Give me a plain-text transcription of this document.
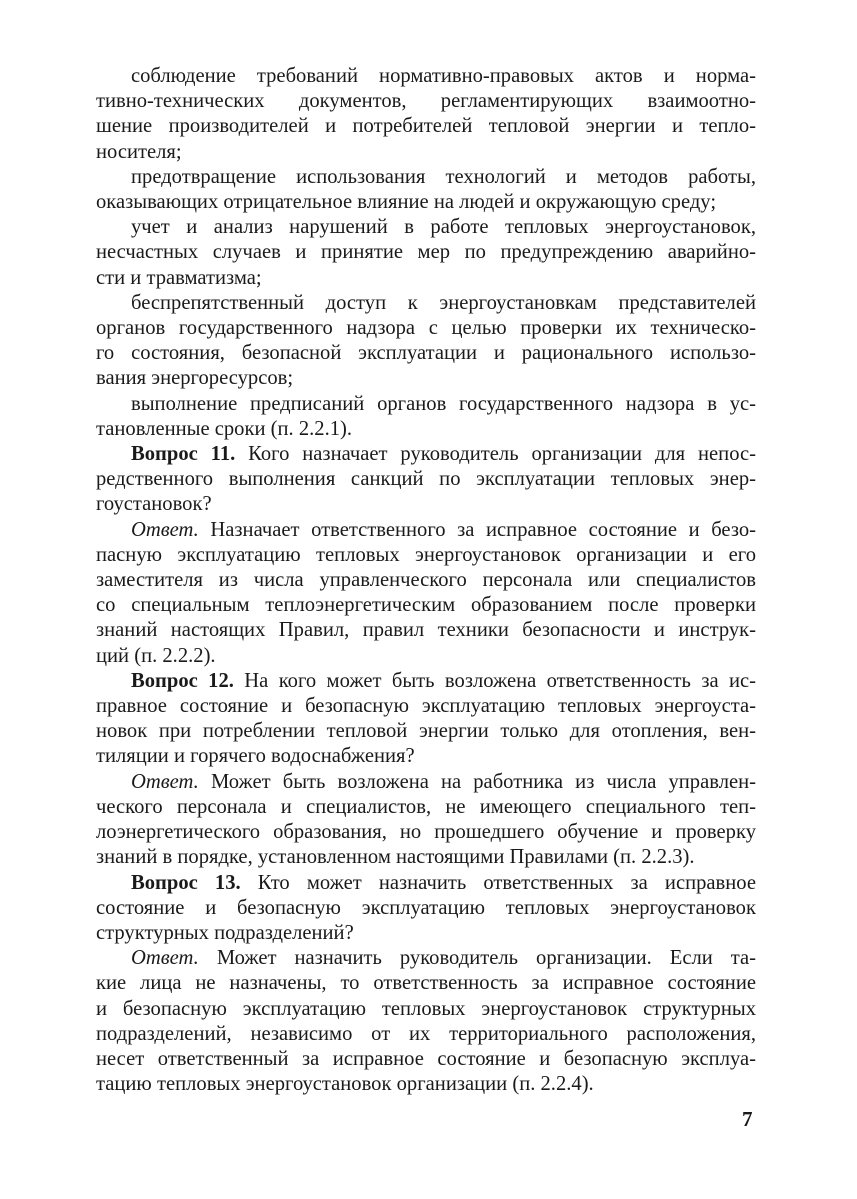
соблюдение требований нормативно-правовых актов и норма-
тивно-технических документов, регламентирующих взаимоотно-
шение производителей и потребителей тепловой энергии и тепло-
носителя;
предотвращение использования технологий и методов работы,
оказывающих отрицательное влияние на людей и окружающую среду;
учет и анализ нарушений в работе тепловых энергоустановок,
несчастных случаев и принятие мер по предупреждению аварийно-
сти и травматизма;
беспрепятственный доступ к энергоустановкам представителей
органов государственного надзора с целью проверки их техническо-
го состояния, безопасной эксплуатации и рационального использо-
вания энергоресурсов;
выполнение предписаний органов государственного надзора в ус-
тановленные сроки (п. 2.2.1).
Вопрос 11. Кого назначает руководитель организации для непос-
редственного выполнения санкций по эксплуатации тепловых энер-
гоустановок?
Ответ. Назначает ответственного за исправное состояние и безо-
пасную эксплуатацию тепловых энергоустановок организации и его
заместителя из числа управленческого персонала или специалистов
со специальным теплоэнергетическим образованием после проверки
знаний настоящих Правил, правил техники безопасности и инструк-
ций (п. 2.2.2).
Вопрос 12. На кого может быть возложена ответственность за ис-
правное состояние и безопасную эксплуатацию тепловых энергоуста-
новок при потреблении тепловой энергии только для отопления, вен-
тиляции и горячего водоснабжения?
Ответ. Может быть возложена на работника из числа управлен-
ческого персонала и специалистов, не имеющего специального теп-
лоэнергетического образования, но прошедшего обучение и проверку
знаний в порядке, установленном настоящими Правилами (п. 2.2.3).
Вопрос 13. Кто может назначить ответственных за исправное
состояние и безопасную эксплуатацию тепловых энергоустановок
структурных подразделений?
Ответ. Может назначить руководитель организации. Если та-
кие лица не назначены, то ответственность за исправное состояние
и безопасную эксплуатацию тепловых энергоустановок структурных
подразделений, независимо от их территориального расположения,
несет ответственный за исправное состояние и безопасную эксплуа-
тацию тепловых энергоустановок организации (п. 2.2.4).
7
